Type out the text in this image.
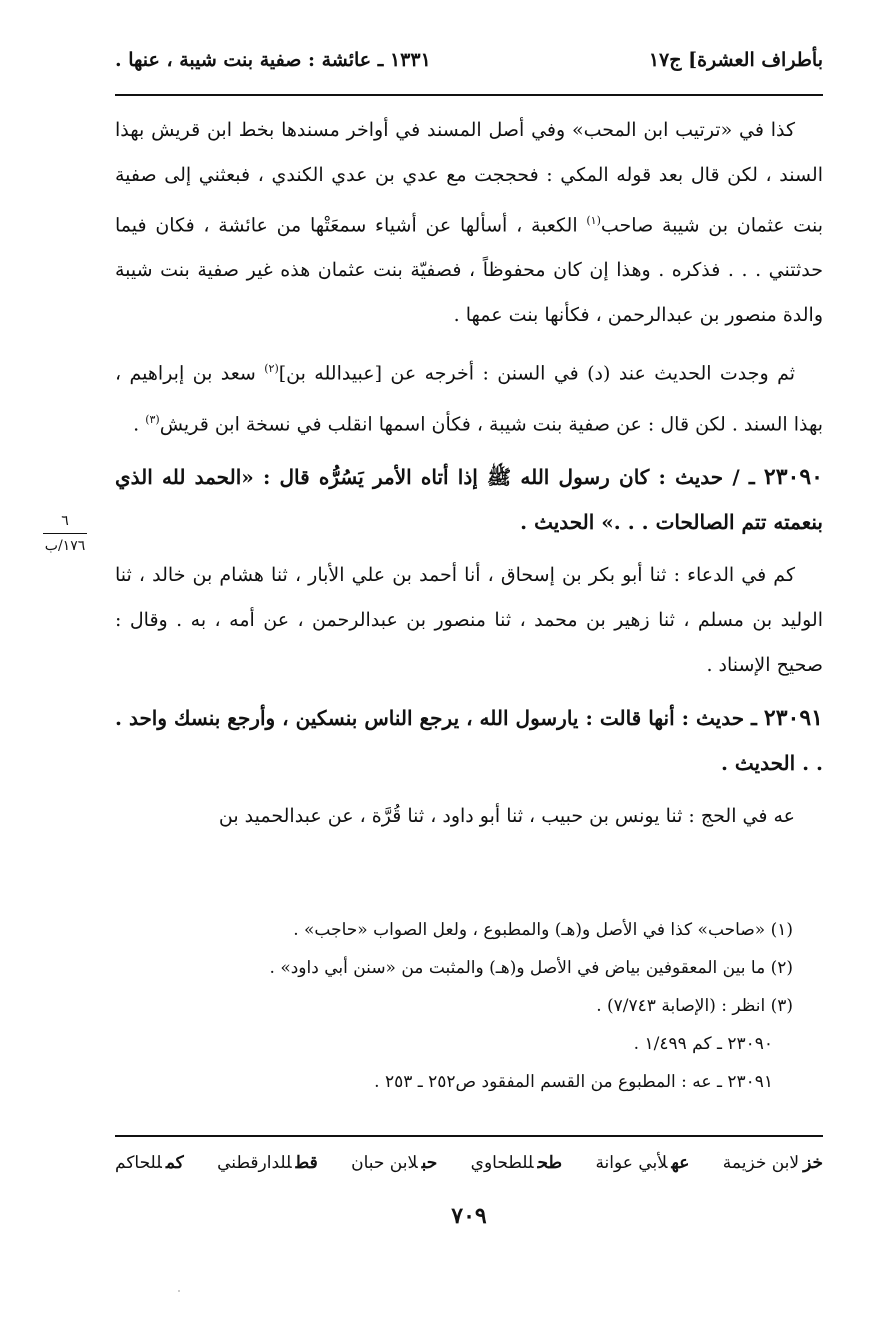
بأطراف العشرة] ج١٧
١٣٣١ ـ عائشة : صفية بنت شيبة ، عنها .

كذا في «ترتيب ابن المحب» وفي أصل المسند في أواخر مسندها بخط ابن قريش بهذا السند ، لكن قال بعد قوله المكي : فحججت مع عدي بن عدي الكندي ، فبعثني إلى صفية بنت عثمان بن شيبة صاحب$^{(١)}$ الكعبة ، أسألها عن أشياء سمعَتْها من عائشة ، فكان فيما حدثتني . . . فذكره . وهذا إن كان محفوظاً ، فصفيّة بنت عثمان هذه غير صفية بنت شيبة والدة منصور بن عبدالرحمن ، فكأنها بنت عمها .

ثم وجدت الحديث عند (د) في السنن : أخرجه عن [عبيدالله بن]$^{(٢)}$ سعد بن إبراهيم ، بهذا السند . لكن قال : عن صفية بنت شيبة ، فكأن اسمها انقلب في نسخة ابن قريش$^{(٣)}$ .

٢٣٠٩٠ ـ / حديث : كان رسول الله ﷺ إذا أتاه الأمر يَسُرُّه قال : «الحمد لله الذي بنعمته تتم الصالحات . . .» الحديث .

كم في الدعاء : ثنا أبو بكر بن إسحاق ، أنا أحمد بن علي الأبار ، ثنا هشام بن خالد ، ثنا الوليد بن مسلم ، ثنا زهير بن محمد ، ثنا منصور بن عبدالرحمن ، عن أمه ، به . وقال : صحيح الإسناد .

٢٣٠٩١ ـ حديث : أنها قالت : يارسول الله ، يرجع الناس بنسكين ، وأرجع بنسك واحد . . . الحديث .

عه في الحج : ثنا يونس بن حبيب ، ثنا أبو داود ، ثنا قُرَّة ، عن عبدالحميد بن

٦
١٧٦/ب

(١) «صاحب» كذا في الأصل و(هـ) والمطبوع ، ولعل الصواب «حاجب» .

(٢) ما بين المعقوفين بياض في الأصل و(هـ) والمثبت من «سنن أبي داود» .

(٣) انظر : (الإصابة ٧/٧٤٣) .

٢٣٠٩٠ ـ كم ١/٤٩٩ .

٢٣٠٩١ ـ عه : المطبوع من القسم المفقود ص٢٥٢ ـ ٢٥٣ .

خزلابن خزيمة
عهلأبي عوانة
طحللطحاوي
حبلابن حبان
قطللدارقطني
كمللحاكم
٧٠٩
